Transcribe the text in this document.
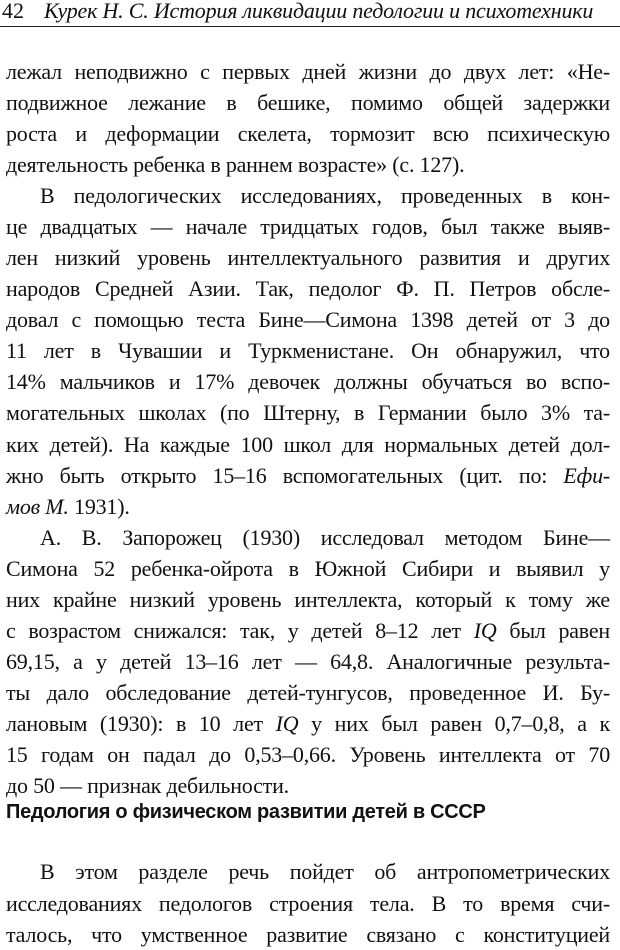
42 Курек Н. С. История ликвидации педологии и психотехники
лежал неподвижно с первых дней жизни до двух лет: «Не-
подвижное лежание в бешике, помимо общей задержки
роста и деформации скелета, тормозит всю психическую
деятельность ребенка в раннем возрасте» (с. 127).
В педологических исследованиях, проведенных в кон-
це двадцатых — начале тридцатых годов, был также выяв-
лен низкий уровень интеллектуального развития и других
народов Средней Азии. Так, педолог Ф. П. Петров обсле-
довал с помощью теста Бине—Симона 1398 детей от 3 до
11 лет в Чувашии и Туркменистане. Он обнаружил, что
14% мальчиков и 17% девочек должны обучаться во вспо-
могательных школах (по Штерну, в Германии было 3% та-
ких детей). На каждые 100 школ для нормальных детей дол-
жно быть открыто 15–16 вспомогательных (цит. по: Ефи-
мов М. 1931).
А. В. Запорожец (1930) исследовал методом Бине—
Симона 52 ребенка-ойрота в Южной Сибири и выявил у
них крайне низкий уровень интеллекта, который к тому же
с возрастом снижался: так, у детей 8–12 лет IQ был равен
69,15, а у детей 13–16 лет — 64,8. Аналогичные результа-
ты дало обследование детей-тунгусов, проведенное И. Бу-
лановым (1930): в 10 лет IQ у них был равен 0,7–0,8, а к
15 годам он падал до 0,53–0,66. Уровень интеллекта от 70
до 50 — признак дебильности.
Педология о физическом развитии детей в СССР
В этом разделе речь пойдет об антропометрических
исследованиях педологов строения тела. В то время счи-
талось, что умственное развитие связано с конституцией
